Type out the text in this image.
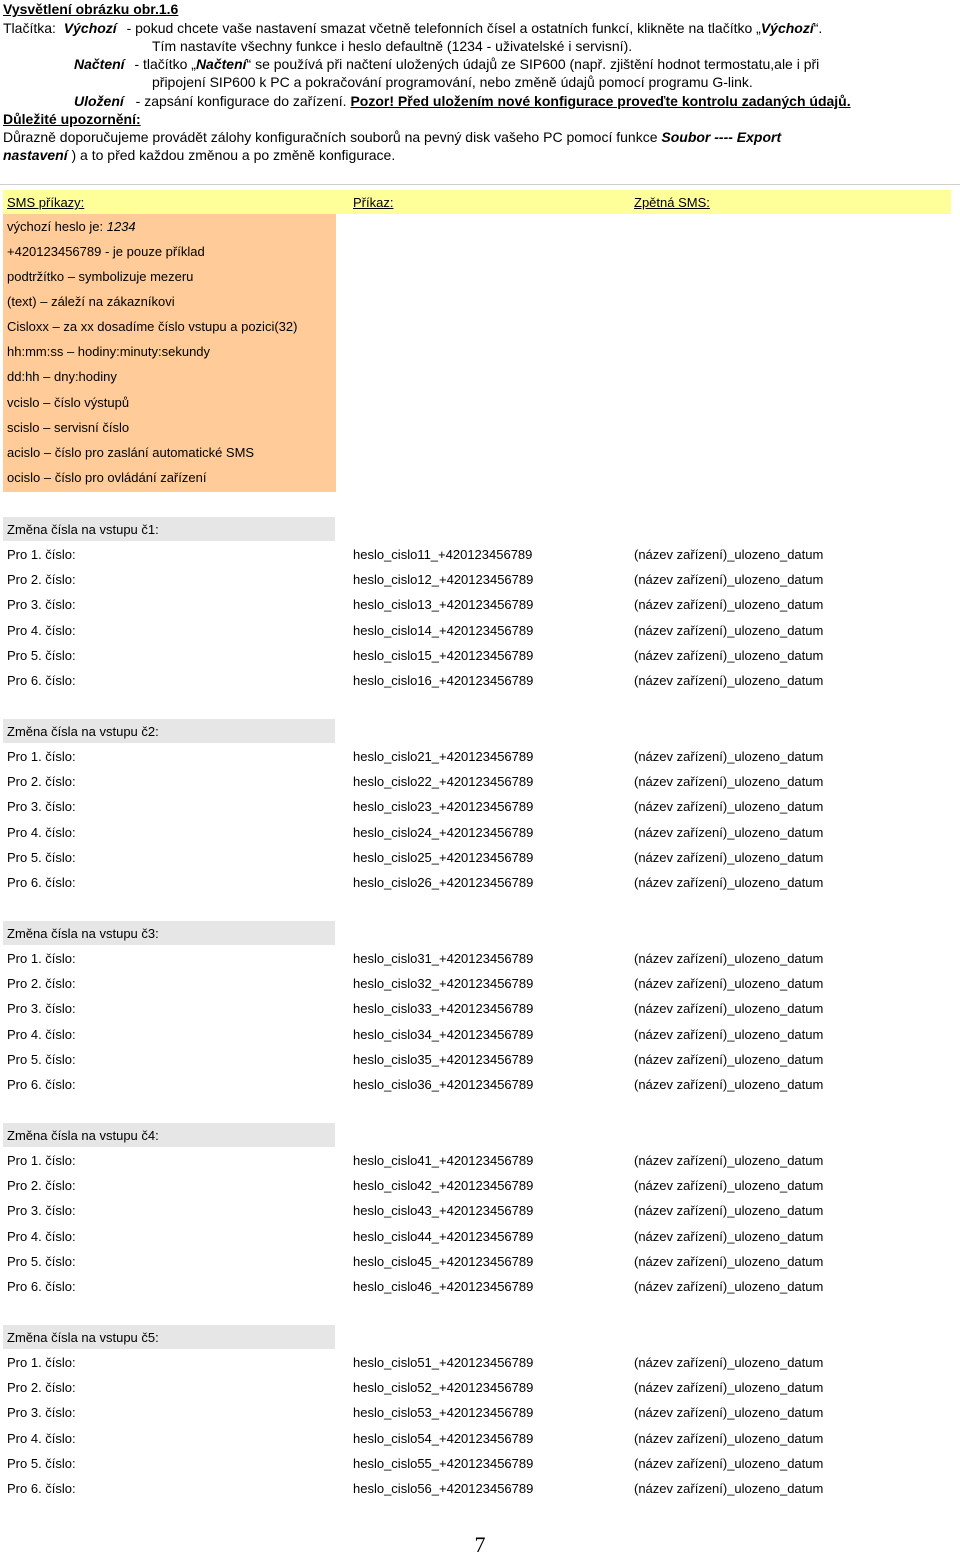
Vysvětlení obrázku obr.1.6
Tlačítka: Výchozí - pokud chcete vaše nastavení smazat včetně telefonních čísel a ostatních funkcí, klikněte na tlačítko „Výchozí“.
Tím nastavíte všechny funkce i heslo defaultně (1234 - uživatelské i servisní).
Načtení - tlačítko „Načtení“ se používá při načtení uložených údajů ze SIP600 (např. zjištění hodnot termostatu,ale i při
připojení SIP600 k PC a pokračování programování, nebo změně údajů pomocí programu G-link.
Uložení - zapsání konfigurace do zařízení. Pozor! Před uložením nové konfigurace proveďte kontrolu zadaných údajů.
Důležité upozornění:
Důrazně doporučujeme provádět zálohy konfiguračních souborů na pevný disk vašeho PC pomocí funkce Soubor ---- Export
nastavení ) a to před každou změnou a po změně konfigurace.
SMS příkazy:	Příkaz:	Zpětná SMS:
výchozí heslo je: 1234
+420123456789 - je pouze příklad
podtržítko – symbolizuje mezeru
(text) – záleží na zákazníkovi
Cisloxx – za xx dosadíme číslo vstupu a pozici(32)
hh:mm:ss – hodiny:minuty:sekundy
dd:hh – dny:hodiny
vcislo – číslo výstupů
scislo – servisní číslo
acislo – číslo pro zaslání automatické SMS
ocislo – číslo pro ovládání zařízení
Změna čísla na vstupu č1:
Pro 1. číslo:	heslo_cislo11_+420123456789	(název zařízení)_ulozeno_datum
Pro 2. číslo:	heslo_cislo12_+420123456789	(název zařízení)_ulozeno_datum
Pro 3. číslo:	heslo_cislo13_+420123456789	(název zařízení)_ulozeno_datum
Pro 4. číslo:	heslo_cislo14_+420123456789	(název zařízení)_ulozeno_datum
Pro 5. číslo:	heslo_cislo15_+420123456789	(název zařízení)_ulozeno_datum
Pro 6. číslo:	heslo_cislo16_+420123456789	(název zařízení)_ulozeno_datum
Změna čísla na vstupu č2:
Pro 1. číslo:	heslo_cislo21_+420123456789	(název zařízení)_ulozeno_datum
Pro 2. číslo:	heslo_cislo22_+420123456789	(název zařízení)_ulozeno_datum
Pro 3. číslo:	heslo_cislo23_+420123456789	(název zařízení)_ulozeno_datum
Pro 4. číslo:	heslo_cislo24_+420123456789	(název zařízení)_ulozeno_datum
Pro 5. číslo:	heslo_cislo25_+420123456789	(název zařízení)_ulozeno_datum
Pro 6. číslo:	heslo_cislo26_+420123456789	(název zařízení)_ulozeno_datum
Změna čísla na vstupu č3:
Pro 1. číslo:	heslo_cislo31_+420123456789	(název zařízení)_ulozeno_datum
Pro 2. číslo:	heslo_cislo32_+420123456789	(název zařízení)_ulozeno_datum
Pro 3. číslo:	heslo_cislo33_+420123456789	(název zařízení)_ulozeno_datum
Pro 4. číslo:	heslo_cislo34_+420123456789	(název zařízení)_ulozeno_datum
Pro 5. číslo:	heslo_cislo35_+420123456789	(název zařízení)_ulozeno_datum
Pro 6. číslo:	heslo_cislo36_+420123456789	(název zařízení)_ulozeno_datum
Změna čísla na vstupu č4:
Pro 1. číslo:	heslo_cislo41_+420123456789	(název zařízení)_ulozeno_datum
Pro 2. číslo:	heslo_cislo42_+420123456789	(název zařízení)_ulozeno_datum
Pro 3. číslo:	heslo_cislo43_+420123456789	(název zařízení)_ulozeno_datum
Pro 4. číslo:	heslo_cislo44_+420123456789	(název zařízení)_ulozeno_datum
Pro 5. číslo:	heslo_cislo45_+420123456789	(název zařízení)_ulozeno_datum
Pro 6. číslo:	heslo_cislo46_+420123456789	(název zařízení)_ulozeno_datum
Změna čísla na vstupu č5:
Pro 1. číslo:	heslo_cislo51_+420123456789	(název zařízení)_ulozeno_datum
Pro 2. číslo:	heslo_cislo52_+420123456789	(název zařízení)_ulozeno_datum
Pro 3. číslo:	heslo_cislo53_+420123456789	(název zařízení)_ulozeno_datum
Pro 4. číslo:	heslo_cislo54_+420123456789	(název zařízení)_ulozeno_datum
Pro 5. číslo:	heslo_cislo55_+420123456789	(název zařízení)_ulozeno_datum
Pro 6. číslo:	heslo_cislo56_+420123456789	(název zařízení)_ulozeno_datum
7
